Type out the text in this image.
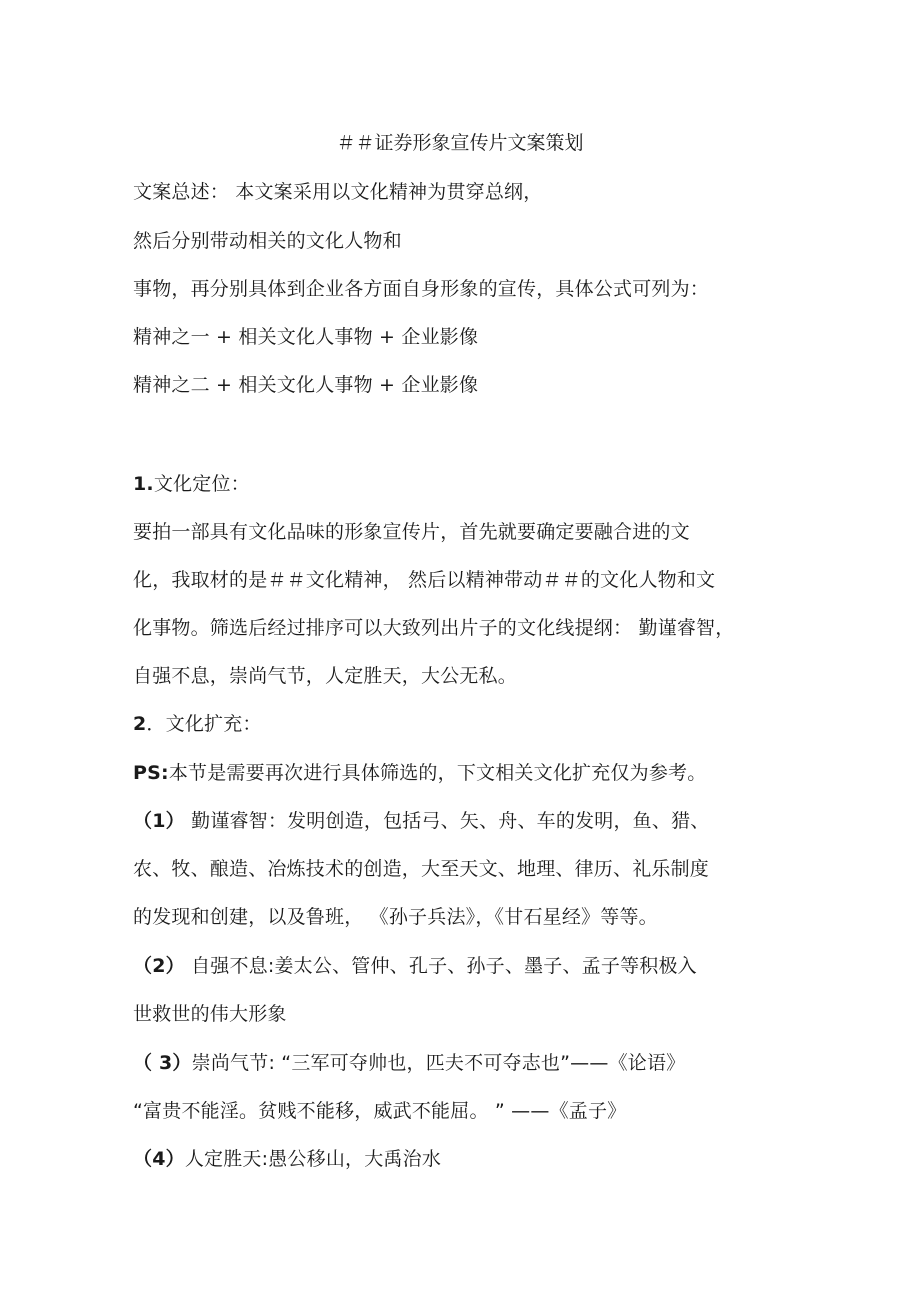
＃＃证券形象宣传片文案策划
文案总述： 本文案采用以文化精神为贯穿总纲，
然后分别带动相关的文化人物和
事物，再分别具体到企业各方面自身形象的宣传，具体公式可列为：
精神之一 + 相关文化人事物 + 企业影像
精神之二 + 相关文化人事物 + 企业影像
1.文化定位：
要拍一部具有文化品味的形象宣传片，首先就要确定要融合进的文
化，我取材的是＃＃文化精神， 然后以精神带动＃＃的文化人物和文
化事物。筛选后经过排序可以大致列出片子的文化线提纲： 勤谨睿智，
自强不息，崇尚气节，人定胜天，大公无私。
2．文化扩充：
PS:本节是需要再次进行具体筛选的，下文相关文化扩充仅为参考。
（1） 勤谨睿智：发明创造，包括弓、矢、舟、车的发明，鱼、猎、
农、牧、酿造、冶炼技术的创造，大至天文、地理、律历、礼乐制度
的发现和创建，以及鲁班， 《孙子兵法》，《甘石星经》等等。
（2） 自强不息:姜太公、管仲、孔子、孙子、墨子、孟子等积极入
世救世的伟大形象
（ 3）崇尚气节: “三军可夺帅也，匹夫不可夺志也”——《论语》
“富贵不能淫。贫贱不能移，威武不能屈。 ” ——《孟子》
（4）人定胜天:愚公移山，大禹治水
